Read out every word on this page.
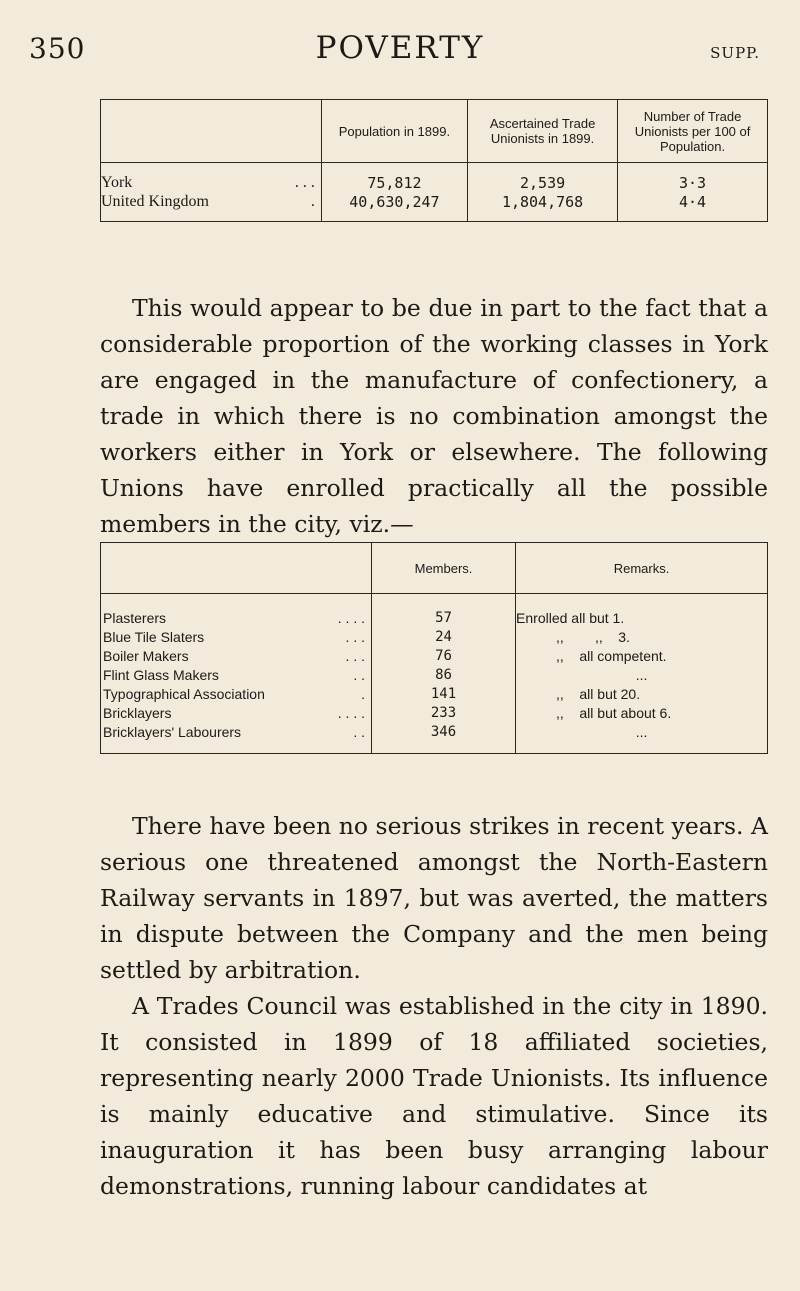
350	POVERTY	SUPP.
	Population in 1899.	Ascertained Trade Unionists in 1899.	Number of Trade Unionists per 100 of Population.
York . . .	75,812	2,539	3·3
United Kingdom .	40,630,247	1,804,768	4·4

This would appear to be due in part to the fact that a considerable proportion of the working classes in York are engaged in the manufacture of confectionery, a trade in which there is no combination amongst the workers either in York or elsewhere. The following Unions have enrolled practically all the possible members in the city, viz.—

	Members.	Remarks.
Plasterers . . . .	57	Enrolled all but 1.
Blue Tile Slaters . . .	24	,,        ,,    3.
Boiler Makers . . .	76	,,    all competent.
Flint Glass Makers . .	86	...
Typographical Association .	141	,,    all but 20.
Bricklayers . . . .	233	,,    all but about 6.
Bricklayers' Labourers . .	346	...

There have been no serious strikes in recent years. A serious one threatened amongst the North-Eastern Railway servants in 1897, but was averted, the matters in dispute between the Company and the men being settled by arbitration.

A Trades Council was established in the city in 1890. It consisted in 1899 of 18 affiliated societies, representing nearly 2000 Trade Unionists. Its influence is mainly educative and stimulative. Since its inauguration it has been busy arranging labour demonstrations, running labour candidates at
